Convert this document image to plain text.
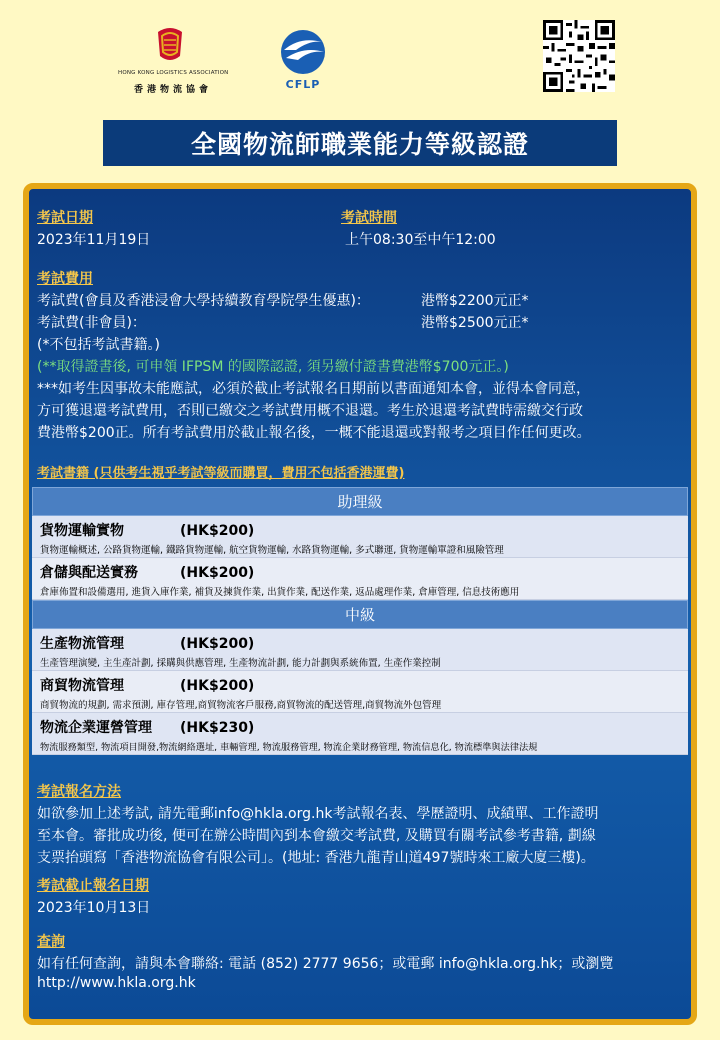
HONG KONG LOGISTICS ASSOCIATION
香港物流協會	CFLP
全國物流師職業能力等級認證
考試日期
2023年11月19日
考試時間
上午08:30至中午12:00
考試費用
考試費(會員及香港浸會大學持續教育學院學生優惠)：	港幣$2200元正*
考試費(非會員)：	港幣$2500元正*
(*不包括考試書籍。)
(**取得證書後, 可申領 IFPSM 的國際認證, 須另繳付證書費港幣$700元正。)
***如考生因事故未能應試，必須於截止考試報名日期前以書面通知本會，並得本會同意，
方可獲退還考試費用，否則已繳交之考試費用概不退還。考生於退還考試費時需繳交行政
費港幣$200正。所有考試費用於截止報名後，一概不能退還或對報考之項目作任何更改。
考試書籍 (只供考生視乎考試等級而購買，費用不包括香港運費)
助理級
貨物運輸實物	(HK$200)
貨物運輸概述, 公路貨物運輸, 鐵路貨物運輸, 航空貨物運輸, 水路貨物運輸, 多式聯運, 貨物運輸單證和風險管理
倉儲與配送實務	(HK$200)
倉庫佈置和設備選用, 進貨入庫作業, 補貨及揀貨作業, 出貨作業, 配送作業, 返品處理作業, 倉庫管理, 信息技術應用
中級
生產物流管理	(HK$200)
生產管理演變, 主生產計劃, 採購與供應管理, 生產物流計劃, 能力計劃與系統佈置, 生產作業控制
商貿物流管理	(HK$200)
商貿物流的規劃, 需求預測, 庫存管理,商貿物流客戶服務,商貿物流的配送管理,商貿物流外包管理
物流企業運營管理 (HK$230)
物流服務類型, 物流項目開發,物流網絡選址, 車輛管理, 物流服務管理, 物流企業財務管理, 物流信息化, 物流標準與法律法規
考試報名方法
如欲參加上述考試, 請先電郵info@hkla.org.hk考試報名表、學歷證明、成績單、工作證明
至本會。審批成功後, 便可在辦公時間內到本會繳交考試費, 及購買有關考試參考書籍, 劃線
支票抬頭寫「香港物流協會有限公司」。(地址: 香港九龍青山道497號時來工廠大廈三樓)。
考試截止報名日期
2023年10月13日
查詢
如有任何查詢，請與本會聯絡: 電話 (852) 2777 9656；或電郵 info@hkla.org.hk；或瀏覽
http://www.hkla.org.hk
